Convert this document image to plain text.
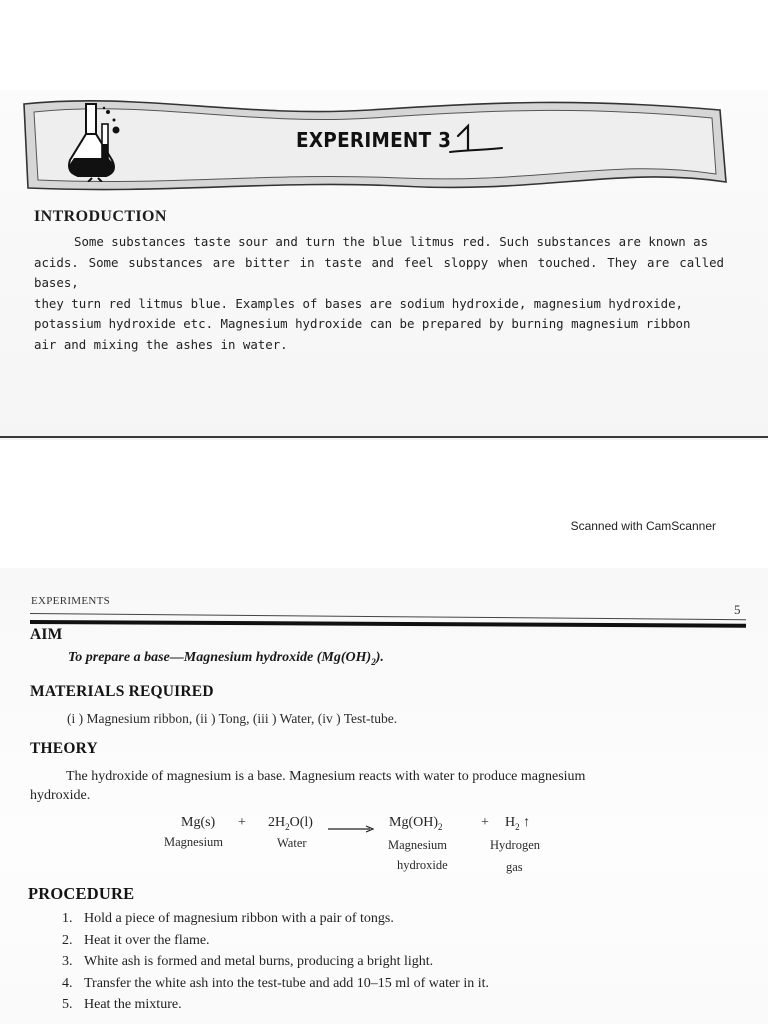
EXPERIMENT 3	1
INTRODUCTION
Some substances taste sour and turn the blue litmus red. Such substances are known as
acids. Some substances are bitter in taste and feel sloppy when touched. They are called bases,
they turn red litmus blue. Examples of bases are sodium hydroxide, magnesium hydroxide,
potassium hydroxide etc. Magnesium hydroxide can be prepared by burning magnesium ribbon
air and mixing the ashes in water.
Scanned with CamScanner
EXPERIMENTS
5
AIM
To prepare a base—Magnesium hydroxide $(Mg(OH)_2)$.
MATERIALS REQUIRED
(i ) Magnesium ribbon, (ii ) Tong, (iii ) Water, (iv ) Test-tube.
THEORY
The hydroxide of magnesium is a base. Magnesium reacts with water to produce magnesium
hydroxide.
$Mg(s) + 2H_2O(l) \to Mg(OH)_2$	+ $H_2$ ↑
Magnesium	Water	Magnesium
hydroxide
Hydrogen
gas
PROCEDURE
1. Hold a piece of magnesium ribbon with a pair of tongs.
2. Heat it over the flame.
3. White ash is formed and metal burns, producing a bright light.
4. Transfer the white ash into the test-tube and add 10–15 ml of water in it.
5. Heat the mixture.
